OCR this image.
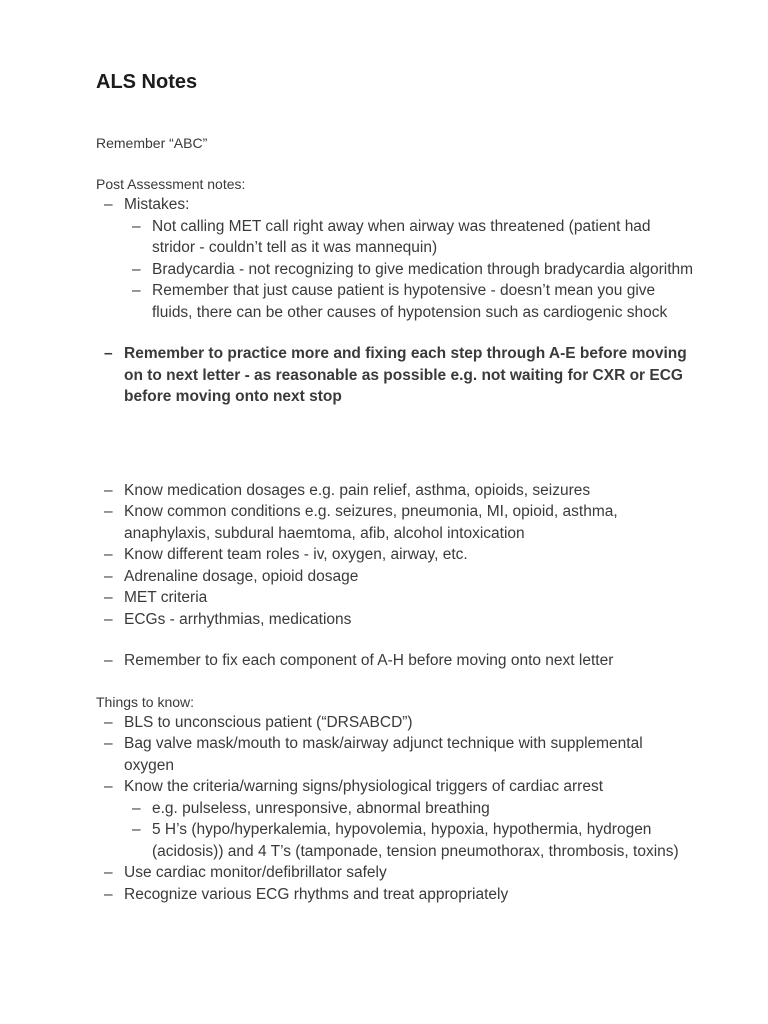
ALS Notes
Remember “ABC”
Post Assessment notes:
– Mistakes:
– Not calling MET call right away when airway was threatened (patient had stridor - couldn’t tell as it was mannequin)
– Bradycardia - not recognizing to give medication through bradycardia algorithm
– Remember that just cause patient is hypotensive - doesn’t mean you give fluids, there can be other causes of hypotension such as cardiogenic shock
– Remember to practice more and fixing each step through A-E before moving on to next letter - as reasonable as possible e.g. not waiting for CXR or ECG before moving onto next stop
– Know medication dosages e.g. pain relief, asthma, opioids, seizures
– Know common conditions e.g. seizures, pneumonia, MI, opioid, asthma, anaphylaxis, subdural haemtoma, afib, alcohol intoxication
– Know different team roles - iv, oxygen, airway, etc.
– Adrenaline dosage, opioid dosage
– MET criteria
– ECGs - arrhythmias, medications
– Remember to fix each component of A-H before moving onto next letter
Things to know:
– BLS to unconscious patient (“DRSABCD”)
– Bag valve mask/mouth to mask/airway adjunct technique with supplemental oxygen
– Know the criteria/warning signs/physiological triggers of cardiac arrest
– e.g. pulseless, unresponsive, abnormal breathing
– 5 H’s (hypo/hyperkalemia, hypovolemia, hypoxia, hypothermia, hydrogen (acidosis)) and 4 T’s (tamponade, tension pneumothorax, thrombosis, toxins)
– Use cardiac monitor/defibrillator safely
– Recognize various ECG rhythms and treat appropriately
